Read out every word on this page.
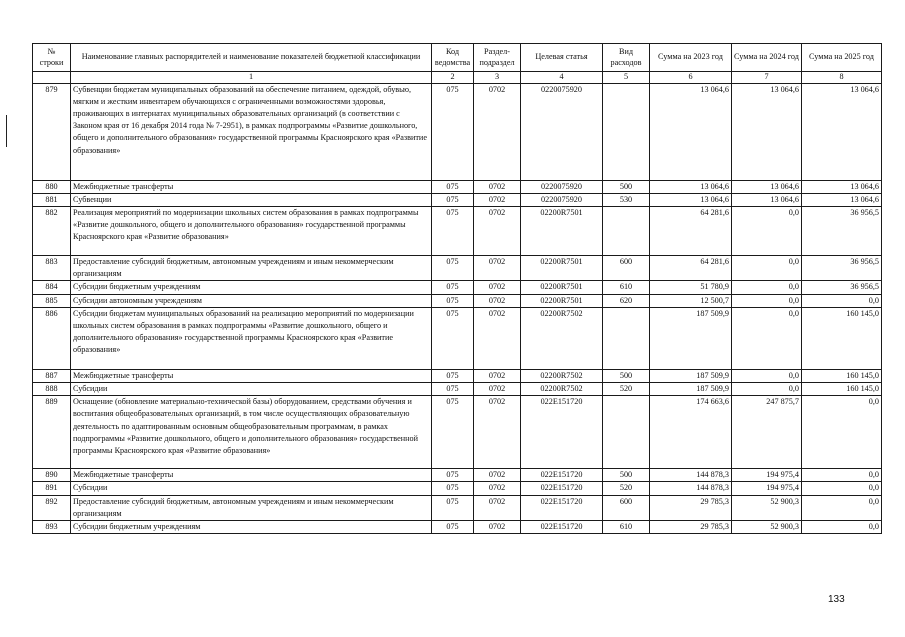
№ строки	Наименование главных распорядителей и наименование показателей бюджетной классификации	Код ведомства	Раздел-подраздел	Целевая статья	Вид расходов	Сумма на 2023 год	Сумма на 2024 год	Сумма на 2025 год
	1	2	3	4	5	6	7	8
879	Субвенции бюджетам муниципальных образований на обеспечение питанием, одеждой, обувью, мягким и жестким инвентарем обучающихся с ограниченными возможностями здоровья, проживающих в интернатах муниципальных образовательных организаций (в соответствии с Законом края от 16 декабря 2014 года № 7-2951), в рамках подпрограммы «Развитие дошкольного, общего и дополнительного образования» государственной программы Красноярского края «Развитие образования»	075	0702	0220075920		13 064,6	13 064,6	13 064,6
880	Межбюджетные трансферты	075	0702	0220075920	500	13 064,6	13 064,6	13 064,6
881	Субвенции	075	0702	0220075920	530	13 064,6	13 064,6	13 064,6
882	Реализация мероприятий по модернизации школьных систем образования в рамках подпрограммы «Развитие дошкольного, общего и дополнительного образования» государственной программы Красноярского края «Развитие образования»	075	0702	02200R7501		64 281,6	0,0	36 956,5
883	Предоставление субсидий бюджетным, автономным учреждениям и иным некоммерческим организациям	075	0702	02200R7501	600	64 281,6	0,0	36 956,5
884	Субсидии бюджетным учреждениям	075	0702	02200R7501	610	51 780,9	0,0	36 956,5
885	Субсидии автономным учреждениям	075	0702	02200R7501	620	12 500,7	0,0	0,0
886	Субсидии бюджетам муниципальных образований на реализацию мероприятий по модернизации школьных систем образования в рамках подпрограммы «Развитие дошкольного, общего и дополнительного образования» государственной программы Красноярского края «Развитие образования»	075	0702	02200R7502		187 509,9	0,0	160 145,0
887	Межбюджетные трансферты	075	0702	02200R7502	500	187 509,9	0,0	160 145,0
888	Субсидии	075	0702	02200R7502	520	187 509,9	0,0	160 145,0
889	Оснащение (обновление материально-технической базы) оборудованием, средствами обучения и воспитания общеобразовательных организаций, в том числе осуществляющих образовательную деятельность по адаптированным основным общеобразовательным программам, в рамках подпрограммы «Развитие дошкольного, общего и дополнительного образования» государственной программы Красноярского края «Развитие образования»	075	0702	022Е151720		174 663,6	247 875,7	0,0
890	Межбюджетные трансферты	075	0702	022Е151720	500	144 878,3	194 975,4	0,0
891	Субсидии	075	0702	022Е151720	520	144 878,3	194 975,4	0,0
892	Предоставление субсидий бюджетным, автономным учреждениям и иным некоммерческим организациям	075	0702	022Е151720	600	29 785,3	52 900,3	0,0
893	Субсидии бюджетным учреждениям	075	0702	022Е151720	610	29 785,3	52 900,3	0,0
133
